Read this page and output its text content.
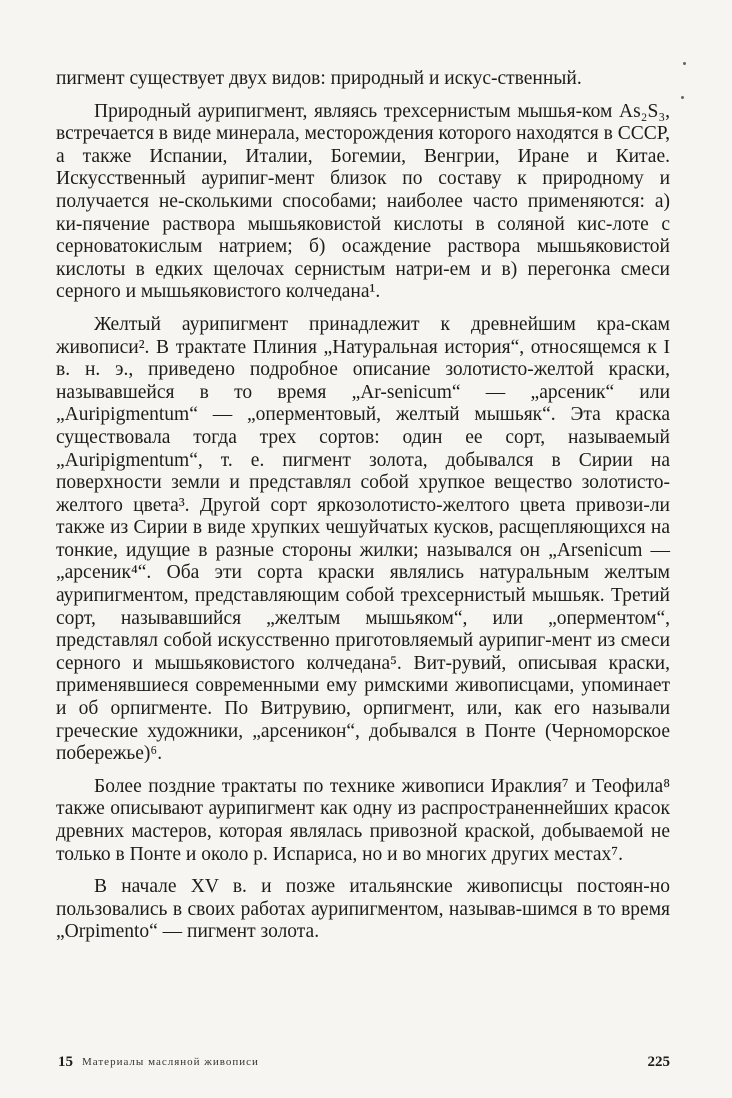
пигмент существует двух видов: природный и искус-ственный.

Природный аурипигмент, являясь трехсернистым мышья-ком As₂S₃, встречается в виде минерала, месторождения которого находятся в СССР, а также Испании, Италии, Богемии, Венгрии, Иране и Китае. Искусственный аурипиг-мент близок по составу к природному и получается не-сколькими способами; наиболее часто применяются: а) ки-пячение раствора мышьяковистой кислоты в соляной кис-лоте с серноватокислым натрием; б) осаждение раствора мышьяковистой кислоты в едких щелочах сернистым натри-ем и в) перегонка смеси серного и мышьяковистого колчедана¹.

Желтый аурипигмент принадлежит к древнейшим кра-скам живописи². В трактате Плиния „Натуральная история“, относящемся к I в. н. э., приведено подробное описание золотисто-желтой краски, называвшейся в то время „Ar-senicum“ — „арсеник“ или „Auripigmentum“ — „оперментовый, желтый мышьяк“. Эта краска существовала тогда трех сортов: один ее сорт, называемый „Auripigmentum“, т. е. пигмент золота, добывался в Сирии на поверхности земли и представлял собой хрупкое вещество золотисто-желтого цвета³. Другой сорт яркозолотисто-желтого цвета привози-ли также из Сирии в виде хрупких чешуйчатых кусков, расщепляющихся на тонкие, идущие в разные стороны жилки; назывался он „Arsenicum — „арсеник⁴“. Оба эти сорта краски являлись натуральным желтым аурипигментом, представляющим собой трехсернистый мышьяк. Третий сорт, называвшийся „желтым мышьяком“, или „оперментом“, представлял собой искусственно приготовляемый аурипиг-мент из смеси серного и мышьяковистого колчедана⁵. Вит-рувий, описывая краски, применявшиеся современными ему римскими живописцами, упоминает и об орпигменте. По Витрувию, орпигмент, или, как его называли греческие художники, „арсеникон“, добывался в Понте (Черноморское побережье)⁶.

Более поздние трактаты по технике живописи Ираклия⁷ и Теофила⁸ также описывают аурипигмент как одну из распространеннейших красок древних мастеров, которая являлась привозной краской, добываемой не только в Понте и около р. Испариса, но и во многих других местах⁷.

В начале XV в. и позже итальянские живописцы постоян-но пользовались в своих работах аурипигментом, называв-шимся в то время „Orpimento“ — пигмент золота.

15 Материалы масляной живописи	225
